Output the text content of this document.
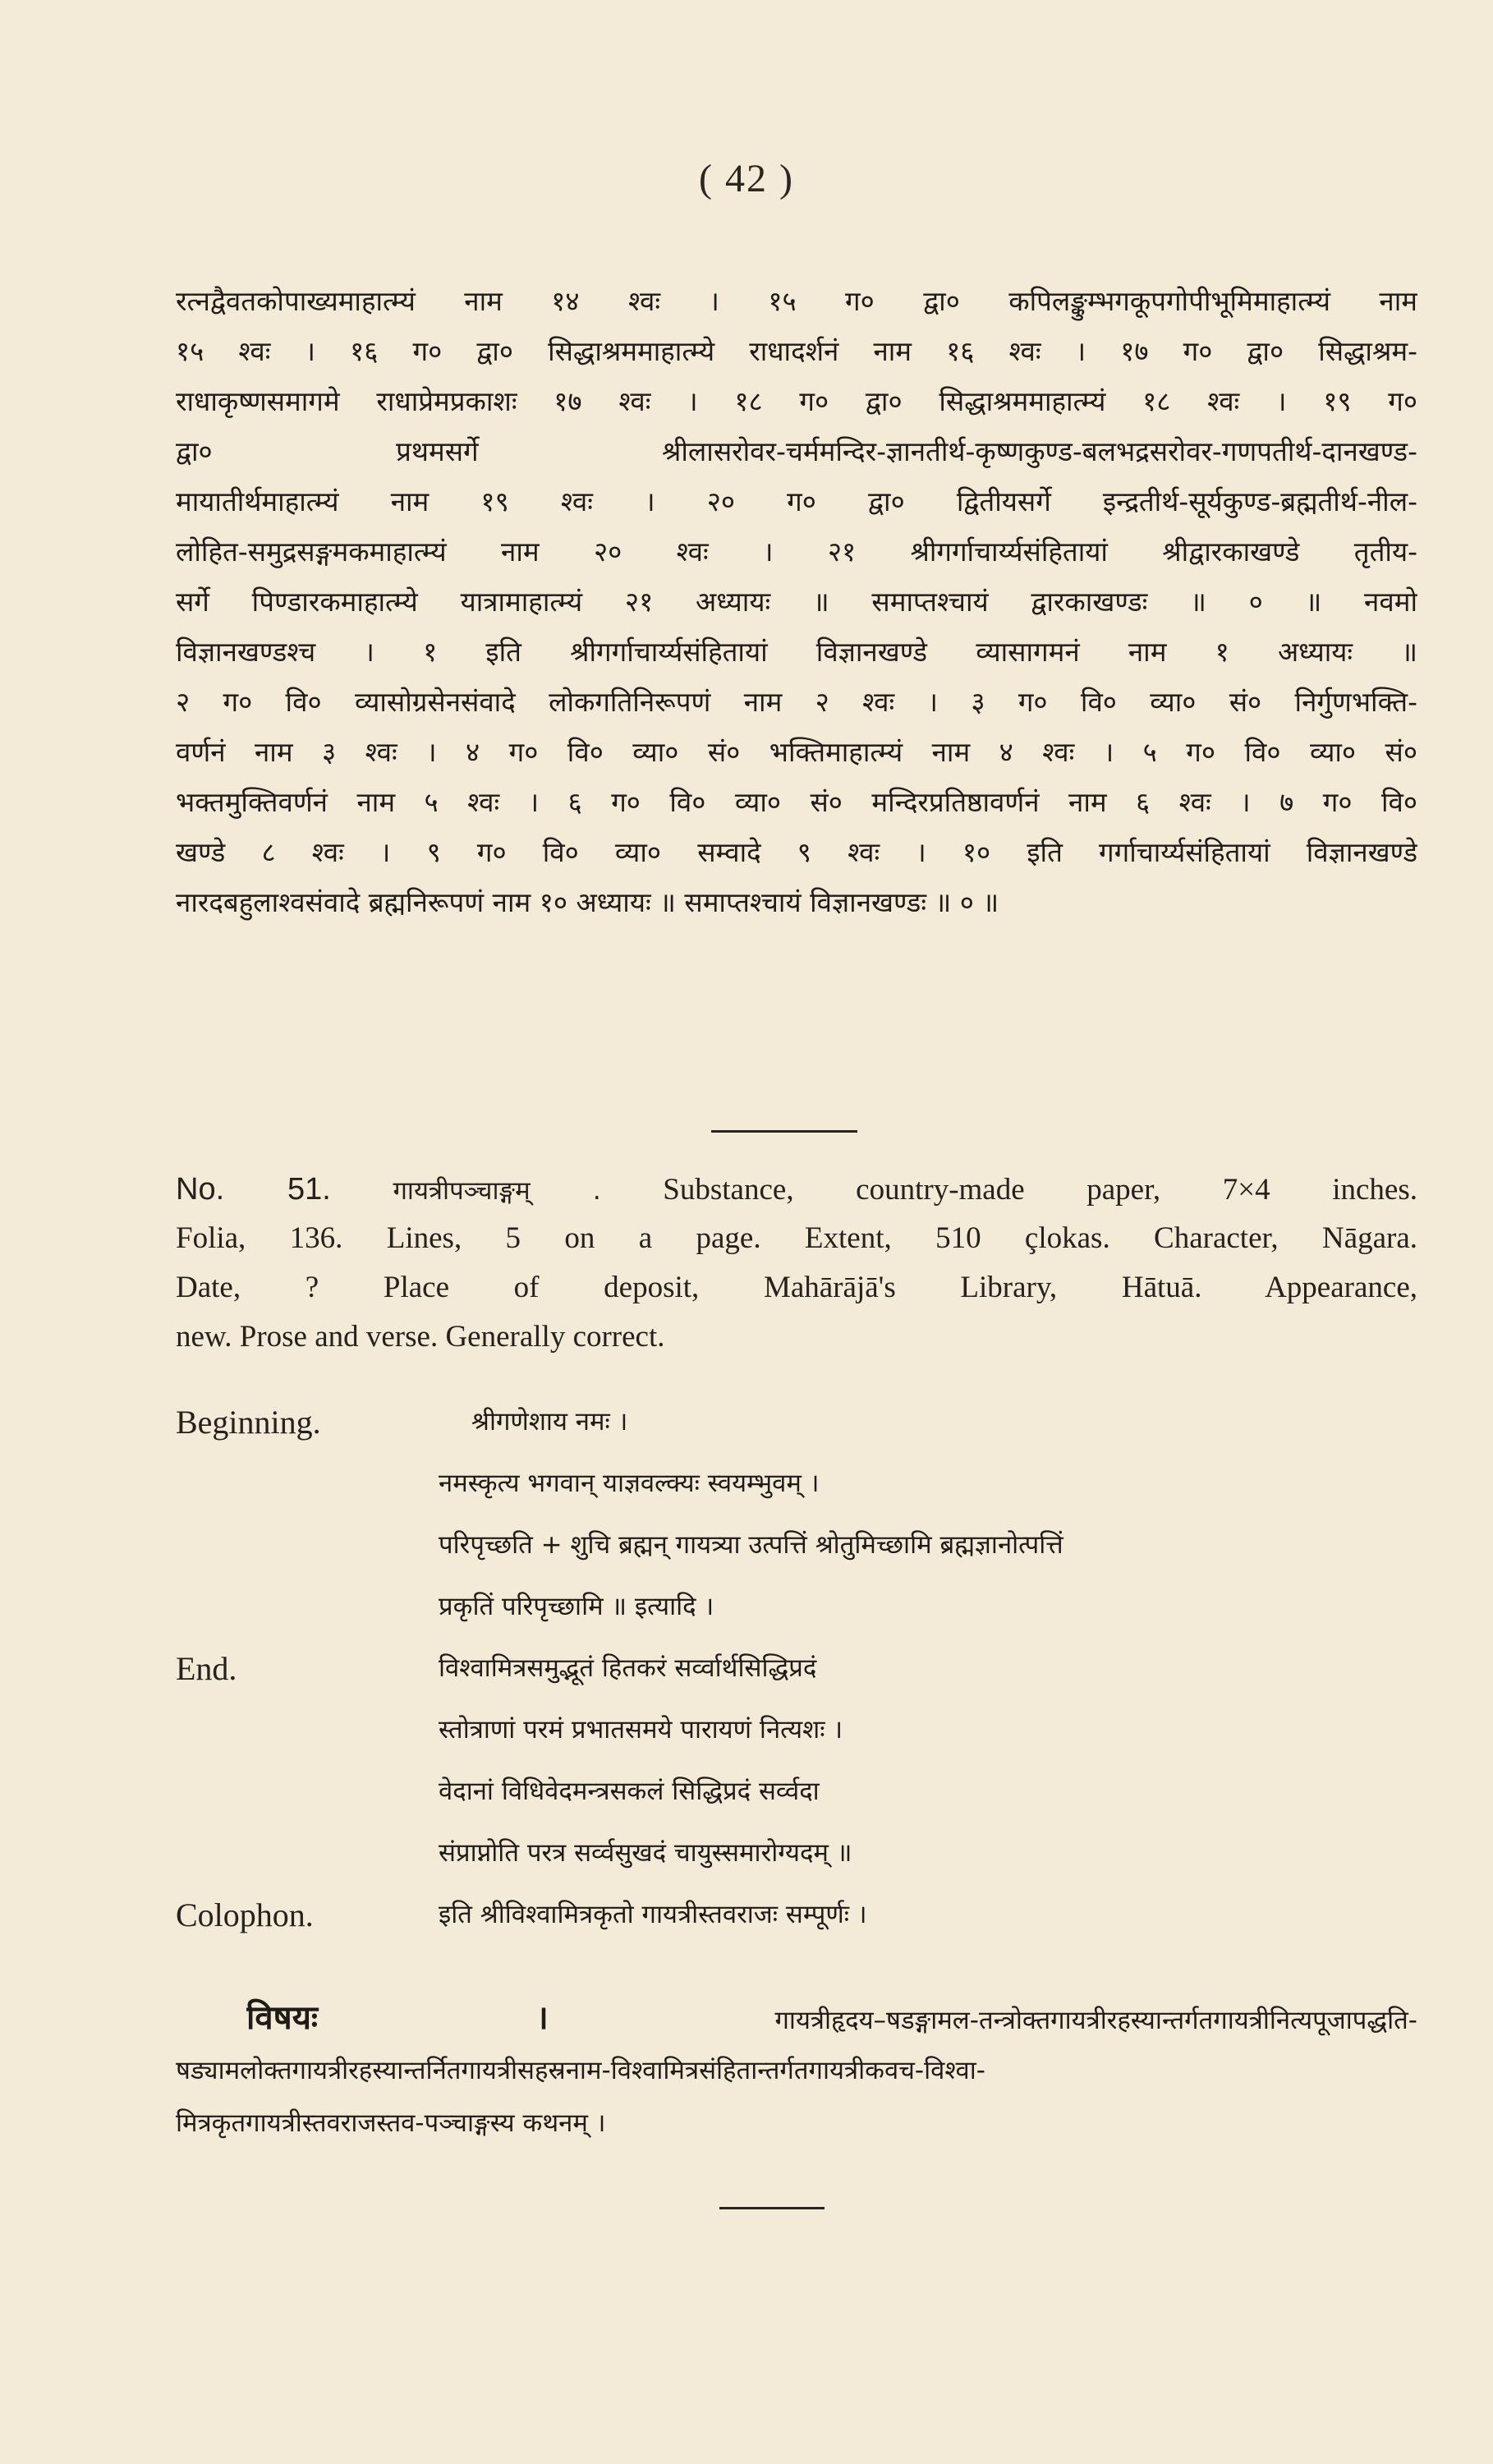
( 42 )
रत्नद्वैवतकोपाख्यमाहात्म्यं नाम १४ श्वः । १५ ग० द्वा० कपिलङ्कुम्भगकूपगोपीभूमिमाहात्म्यं नाम
१५ श्वः । १६ ग० द्वा० सिद्धाश्रममाहात्म्ये राधादर्शनं नाम १६ श्वः । १७ ग० द्वा० सिद्धाश्रम-
राधाकृष्णसमागमे राधाप्रेमप्रकाशः १७ श्वः । १८ ग० द्वा० सिद्धाश्रममाहात्म्यं १८ श्वः । १९ ग०
द्वा० प्रथमसर्गे श्रीलासरोवर-चर्ममन्दिर-ज्ञानतीर्थ-कृष्णकुण्ड-बलभद्रसरोवर-गणपतीर्थ-दानखण्ड-
मायातीर्थमाहात्म्यं नाम १९ श्वः । २० ग० द्वा० द्वितीयसर्गे इन्द्रतीर्थ-सूर्यकुण्ड-ब्रह्मतीर्थ-नील-
लोहित-समुद्रसङ्गमकमाहात्म्यं नाम २० श्वः । २१ श्रीगर्गाचार्य्यसंहितायां श्रीद्वारकाखण्डे तृतीय-
सर्गे पिण्डारकमाहात्म्ये यात्रामाहात्म्यं २१ अध्यायः ॥ समाप्तश्चायं द्वारकाखण्डः ॥ ० ॥ नवमो
विज्ञानखण्डश्च । १ इति श्रीगर्गाचार्य्यसंहितायां विज्ञानखण्डे व्यासागमनं नाम १ अध्यायः ॥
२ ग० वि० व्यासोग्रसेनसंवादे लोकगतिनिरूपणं नाम २ श्वः । ३ ग० वि० व्या० सं० निर्गुणभक्ति-
वर्णनं नाम ३ श्वः । ४ ग० वि० व्या० सं० भक्तिमाहात्म्यं नाम ४ श्वः । ५ ग० वि० व्या० सं०
भक्तमुक्तिवर्णनं नाम ५ श्वः । ६ ग० वि० व्या० सं० मन्दिरप्रतिष्ठावर्णनं नाम ६ श्वः । ७ ग० वि०
खण्डे ८ श्वः । ९ ग० वि० व्या० सम्वादे ९ श्वः । १० इति गर्गाचार्य्यसंहितायां विज्ञानखण्डे
नारदबहुलाश्वसंवादे ब्रह्मनिरूपणं नाम १० अध्यायः ॥ समाप्तश्चायं विज्ञानखण्डः ॥ ० ॥
No. 51. गायत्रीपञ्चाङ्गम् . Substance, country-made paper, 7×4 inches.
Folia, 136. Lines, 5 on a page. Extent, 510 çlokas. Character, Nāgara.
Date, ? Place of deposit, Mahārājā's Library, Hātuā. Appearance,
new. Prose and verse. Generally correct.
Beginning.	श्रीगणेशाय नमः ।
नमस्कृत्य भगवान् याज्ञवल्क्यः स्वयम्भुवम् ।
परिपृच्छति + शुचि ब्रह्मन् गायत्र्या उत्पत्तिं श्रोतुमिच्छामि ब्रह्मज्ञानोत्पत्तिं
प्रकृतिं परिपृच्छामि ॥ इत्यादि ।
End.	विश्वामित्रसमुद्भूतं हितकरं सर्व्वार्थसिद्धिप्रदं
स्तोत्राणां परमं प्रभातसमये पारायणं नित्यशः ।
वेदानां विधिवेदमन्त्रसकलं सिद्धिप्रदं सर्व्वदा
संप्राप्नोति परत्र सर्व्वसुखदं चायुस्समारोग्यदम् ॥
Colophon.	इति श्रीविश्वामित्रकृतो गायत्रीस्तवराजः सम्पूर्णः ।
विषयः ।	गायत्रीहृदय–षडङ्गामल-तन्त्रोक्तगायत्रीरहस्यान्तर्गतगायत्रीनित्यपूजापद्धति-
षड्यामलोक्तगायत्रीरहस्यान्तर्नितगायत्रीसहस्रनाम-विश्वामित्रसंहितान्तर्गतगायत्रीकवच-विश्वा-
मित्रकृतगायत्रीस्तवराजस्तव-पञ्चाङ्गस्य कथनम् ।
